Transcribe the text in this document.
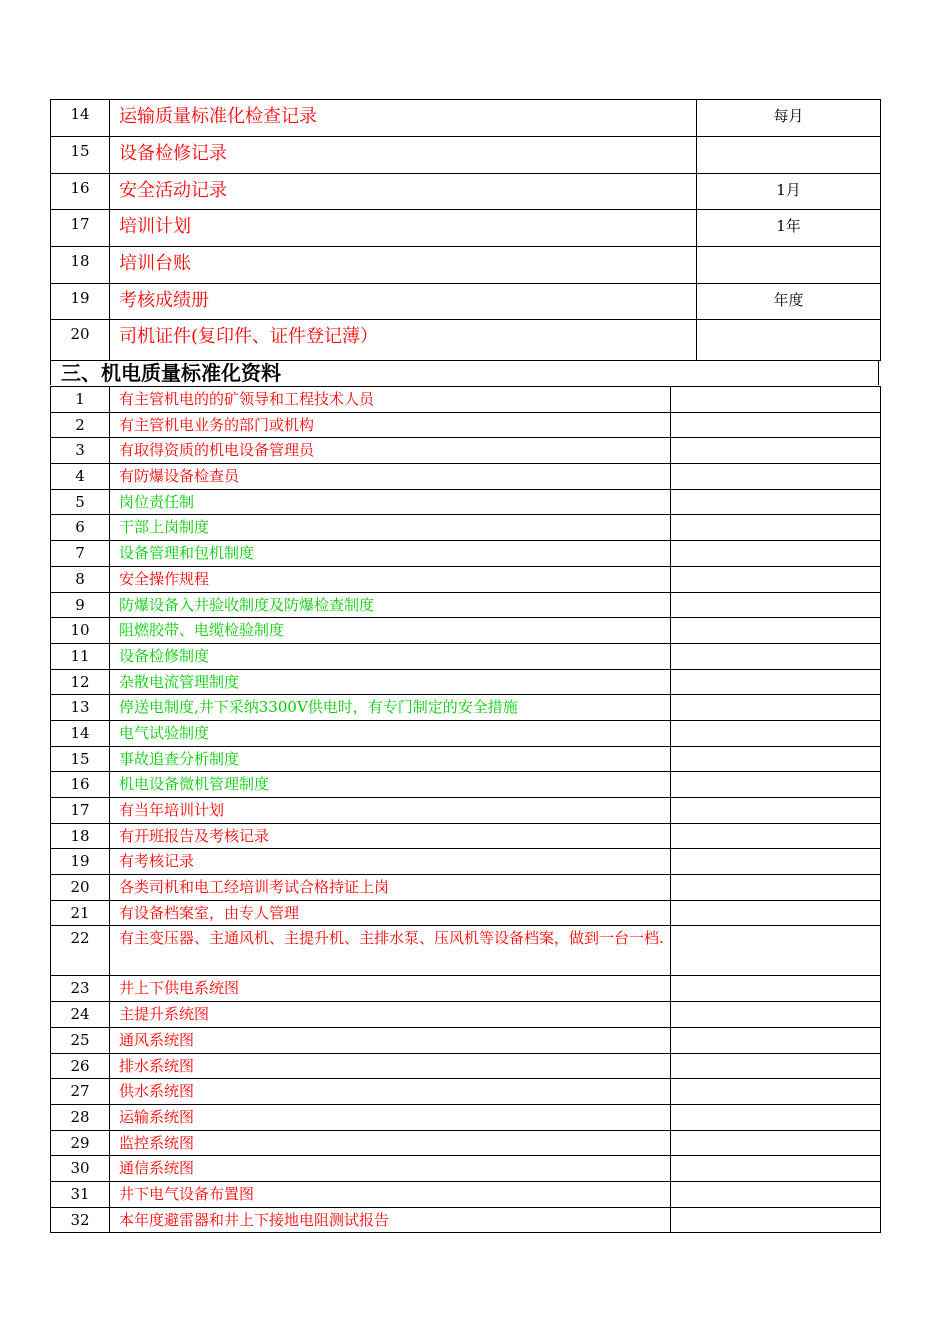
14	运输质量标准化检查记录	每月
15	设备检修记录	
16	安全活动记录	1月
17	培训计划	1年
18	培训台账	
19	考核成绩册	年度
20	司机证件(复印件、证件登记薄）	
三、机电质量标准化资料
1	有主管机电的的矿领导和工程技术人员	
2	有主管机电业务的部门或机构	
3	有取得资质的机电设备管理员	
4	有防爆设备检查员	
5	岗位责任制	
6	干部上岗制度	
7	设备管理和包机制度	
8	安全操作规程	
9	防爆设备入井验收制度及防爆检查制度	
10	阻燃胶带、电缆检验制度	
11	设备检修制度	
12	杂散电流管理制度	
13	停送电制度,井下采纳3300V供电时，有专门制定的安全措施	
14	电气试验制度	
15	事故追查分析制度	
16	机电设备微机管理制度	
17	有当年培训计划	
18	有开班报告及考核记录	
19	有考核记录	
20	各类司机和电工经培训考试合格持证上岗	
21	有设备档案室，由专人管理	
22	有主变压器、主通风机、主提升机、主排水泵、压风机等设备档案，做到一台一档.	
23	井上下供电系统图	
24	主提升系统图	
25	通风系统图	
26	排水系统图	
27	供水系统图	
28	运输系统图	
29	监控系统图	
30	通信系统图	
31	井下电气设备布置图	
32	本年度避雷器和井上下接地电阻测试报告	
